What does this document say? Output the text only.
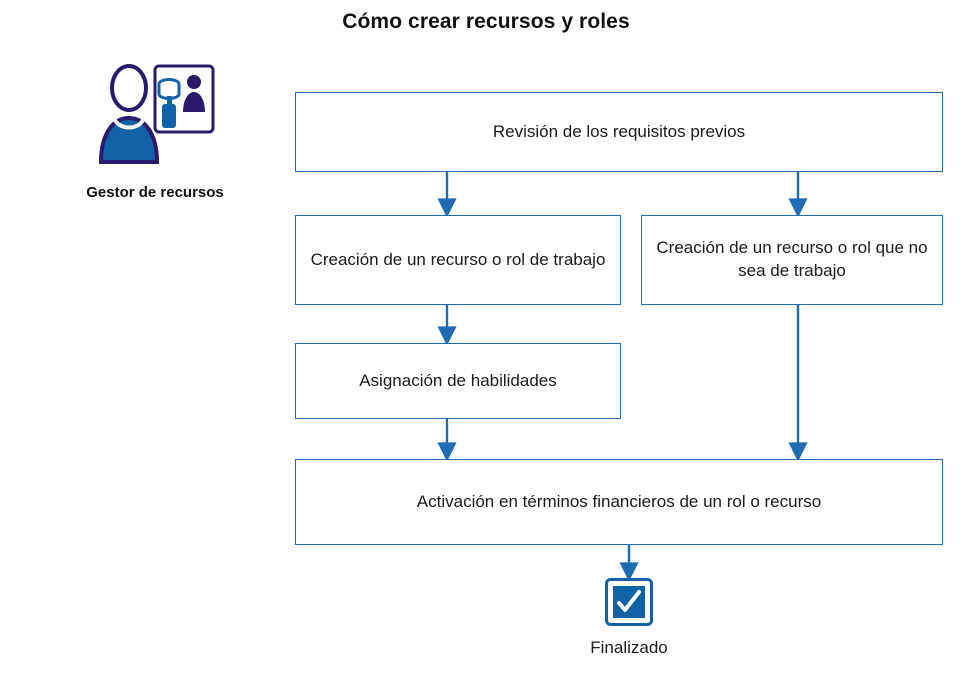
Cómo crear recursos y roles
Gestor de recursos
Revisión de los requisitos previos
Creación de un recurso o rol de trabajo
Creación de un recurso o rol que no sea de trabajo
Asignación de habilidades
Activación en términos financieros de un rol o recurso
Finalizado
